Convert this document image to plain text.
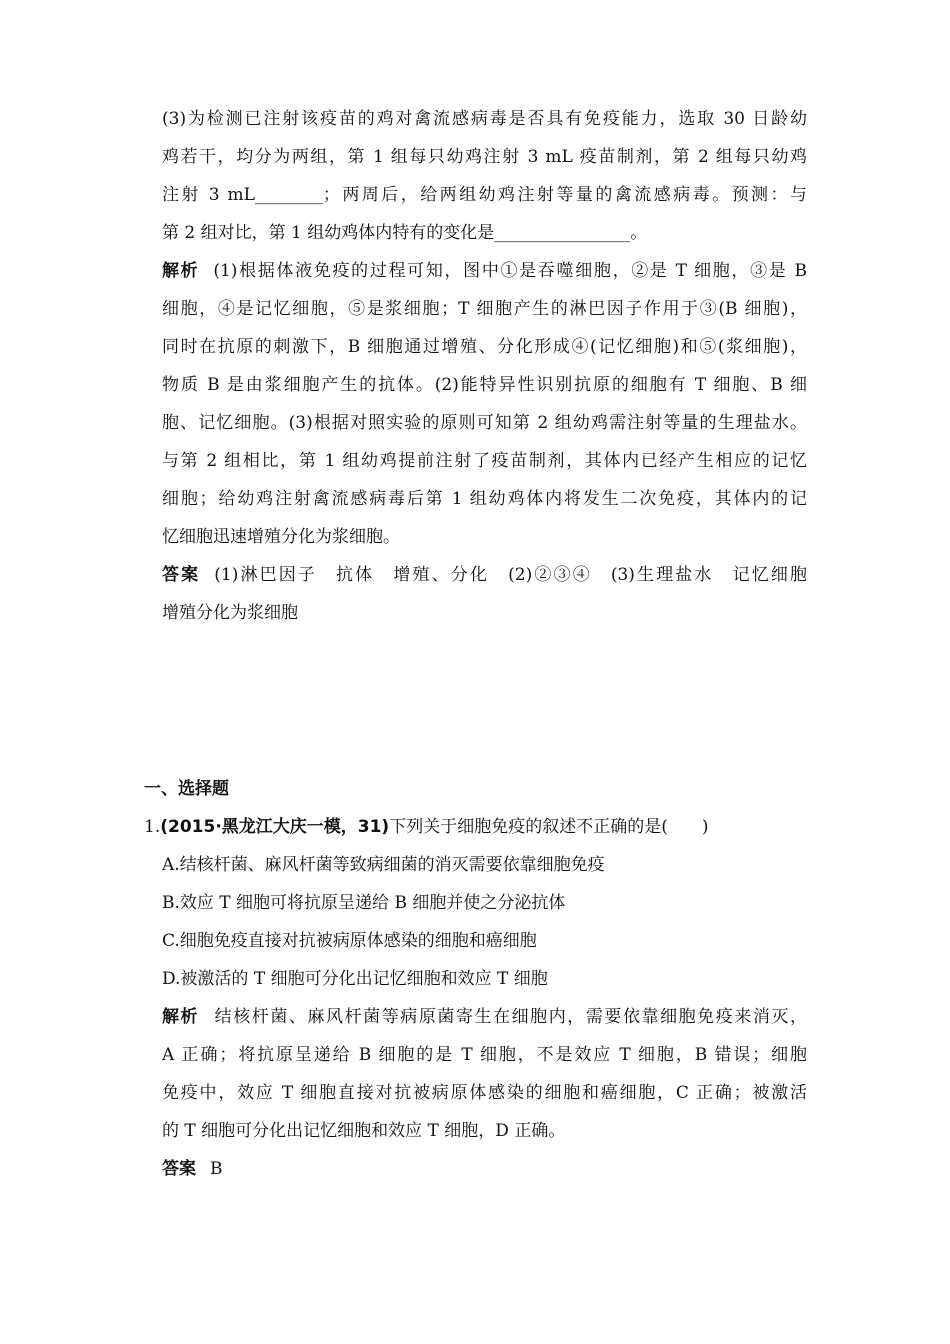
(3)为检测已注射该疫苗的鸡对禽流感病毒是否具有免疫能力，选取 30 日龄幼
鸡若干，均分为两组，第 1 组每只幼鸡注射 3 mL 疫苗制剂，第 2 组每只幼鸡
注射 3 mL________；两周后，给两组幼鸡注射等量的禽流感病毒。预测：与
第 2 组对比，第 1 组幼鸡体内特有的变化是________________。
解析 (1)根据体液免疫的过程可知，图中①是吞噬细胞，②是 T 细胞，③是 B
细胞，④是记忆细胞，⑤是浆细胞；T 细胞产生的淋巴因子作用于③(B 细胞)，
同时在抗原的刺激下，B 细胞通过增殖、分化形成④(记忆细胞)和⑤(浆细胞)，
物质 B 是由浆细胞产生的抗体。(2)能特异性识别抗原的细胞有 T 细胞、B 细
胞、记忆细胞。(3)根据对照实验的原则可知第 2 组幼鸡需注射等量的生理盐水。
与第 2 组相比，第 1 组幼鸡提前注射了疫苗制剂，其体内已经产生相应的记忆
细胞；给幼鸡注射禽流感病毒后第 1 组幼鸡体内将发生二次免疫，其体内的记
忆细胞迅速增殖分化为浆细胞。
答案 (1)淋巴因子　抗体　增殖、分化　(2)②③④　(3)生理盐水　记忆细胞
增殖分化为浆细胞
一、选择题
1.(2015·黑龙江大庆一模，31)下列关于细胞免疫的叙述不正确的是(　　)
A.结核杆菌、麻风杆菌等致病细菌的消灭需要依靠细胞免疫
B.效应 T 细胞可将抗原呈递给 B 细胞并使之分泌抗体
C.细胞免疫直接对抗被病原体感染的细胞和癌细胞
D.被激活的 T 细胞可分化出记忆细胞和效应 T 细胞
解析 结核杆菌、麻风杆菌等病原菌寄生在细胞内，需要依靠细胞免疫来消灭，
A 正确；将抗原呈递给 B 细胞的是 T 细胞，不是效应 T 细胞，B 错误；细胞
免疫中，效应 T 细胞直接对抗被病原体感染的细胞和癌细胞，C 正确；被激活
的 T 细胞可分化出记忆细胞和效应 T 细胞，D 正确。
答案 B
